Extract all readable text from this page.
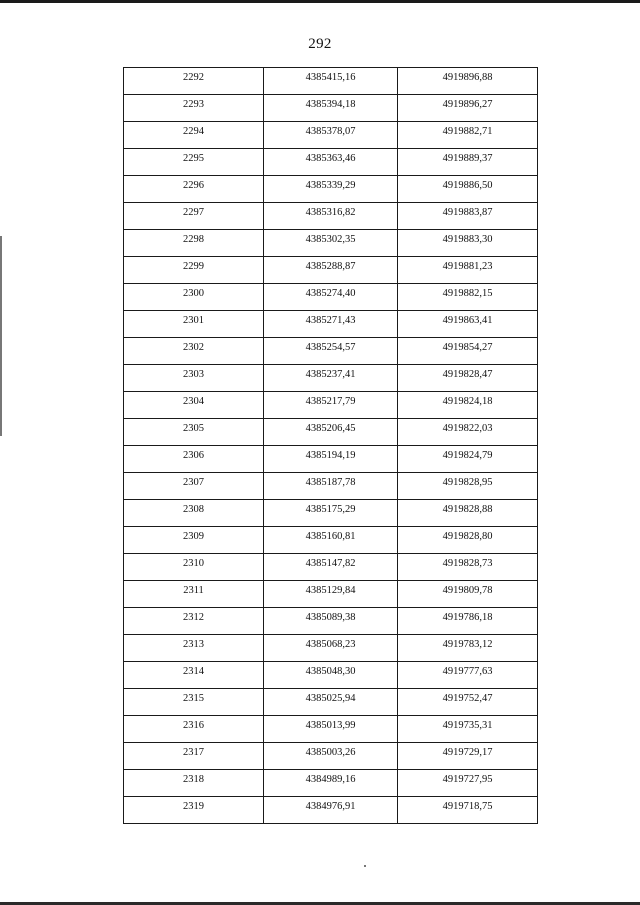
292
2292	4385415,16	4919896,88
2293	4385394,18	4919896,27
2294	4385378,07	4919882,71
2295	4385363,46	4919889,37
2296	4385339,29	4919886,50
2297	4385316,82	4919883,87
2298	4385302,35	4919883,30
2299	4385288,87	4919881,23
2300	4385274,40	4919882,15
2301	4385271,43	4919863,41
2302	4385254,57	4919854,27
2303	4385237,41	4919828,47
2304	4385217,79	4919824,18
2305	4385206,45	4919822,03
2306	4385194,19	4919824,79
2307	4385187,78	4919828,95
2308	4385175,29	4919828,88
2309	4385160,81	4919828,80
2310	4385147,82	4919828,73
2311	4385129,84	4919809,78
2312	4385089,38	4919786,18
2313	4385068,23	4919783,12
2314	4385048,30	4919777,63
2315	4385025,94	4919752,47
2316	4385013,99	4919735,31
2317	4385003,26	4919729,17
2318	4384989,16	4919727,95
2319	4384976,91	4919718,75
